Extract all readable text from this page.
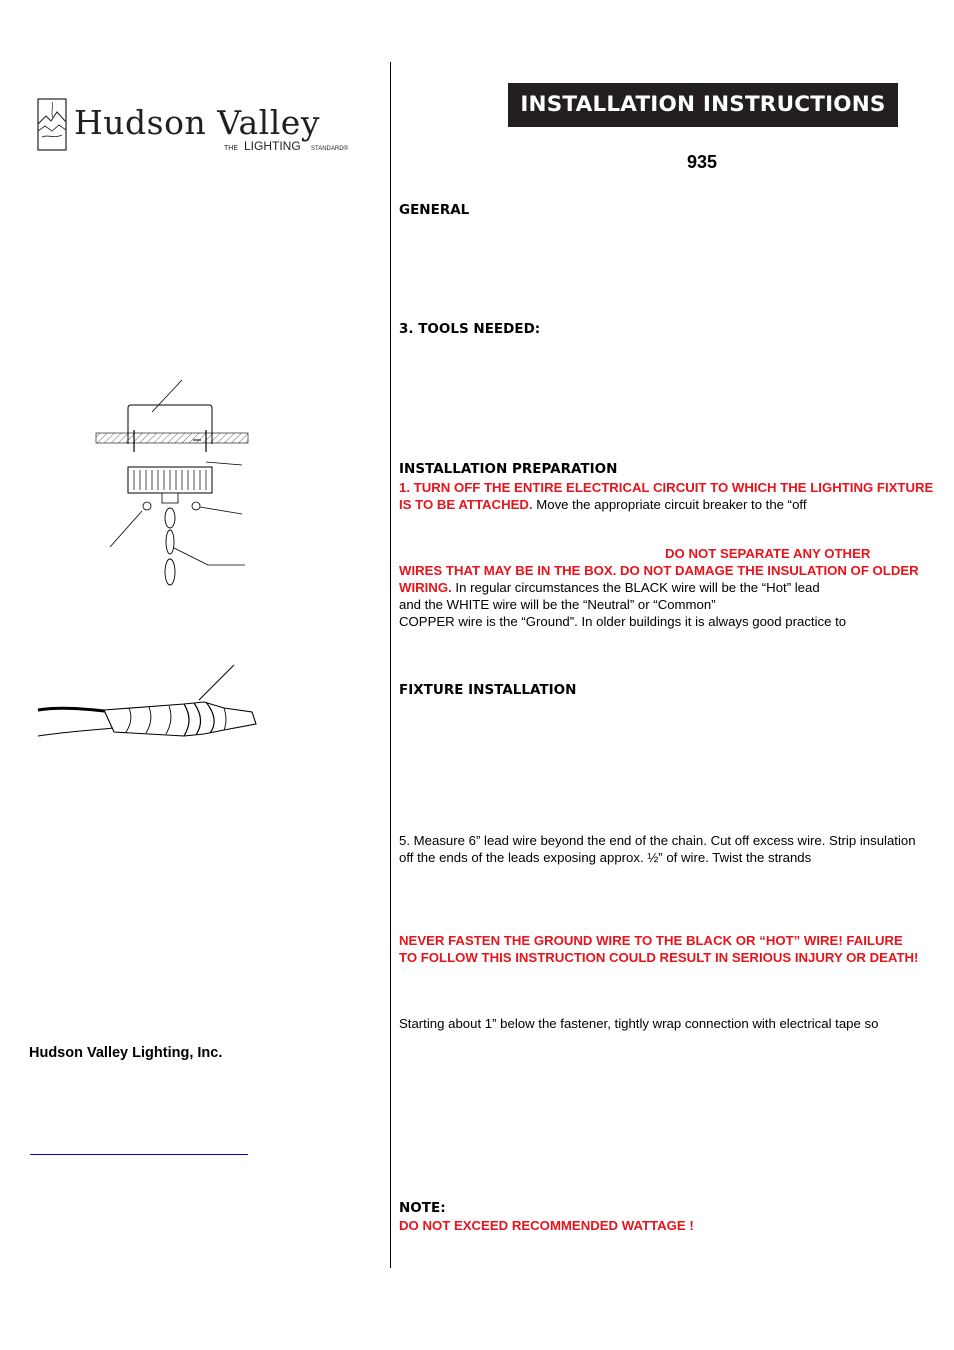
Hudson Valley
THE LIGHTING STANDARD®
INSTALLATION INSTRUCTIONS
935
GENERAL
3. TOOLS NEEDED:
INSTALLATION PREPARATION
1. TURN OFF THE ENTIRE ELECTRICAL CIRCUIT TO WHICH THE LIGHTING FIXTURE IS TO BE ATTACHED. Move the appropriate circuit breaker to the “off
DO NOT SEPARATE ANY OTHER
WIRES THAT MAY BE IN THE BOX. DO NOT DAMAGE THE INSULATION OF OLDER WIRING. In regular circumstances the BLACK wire will be the “Hot” lead
and the WHITE wire will be the “Neutral” or “Common”
COPPER wire is the “Ground”. In older buildings it is always good practice to
FIXTURE INSTALLATION
5. Measure 6” lead wire beyond the end of the chain. Cut off excess wire. Strip insulation off the ends of the leads exposing approx. ½” of wire. Twist the strands
NEVER FASTEN THE GROUND WIRE TO THE BLACK OR “HOT” WIRE! FAILURE TO FOLLOW THIS INSTRUCTION COULD RESULT IN SERIOUS INJURY OR DEATH!
Starting about 1” below the fastener, tightly wrap connection with electrical tape so
NOTE:
DO NOT EXCEED RECOMMENDED WATTAGE !
Hudson Valley Lighting, Inc.
